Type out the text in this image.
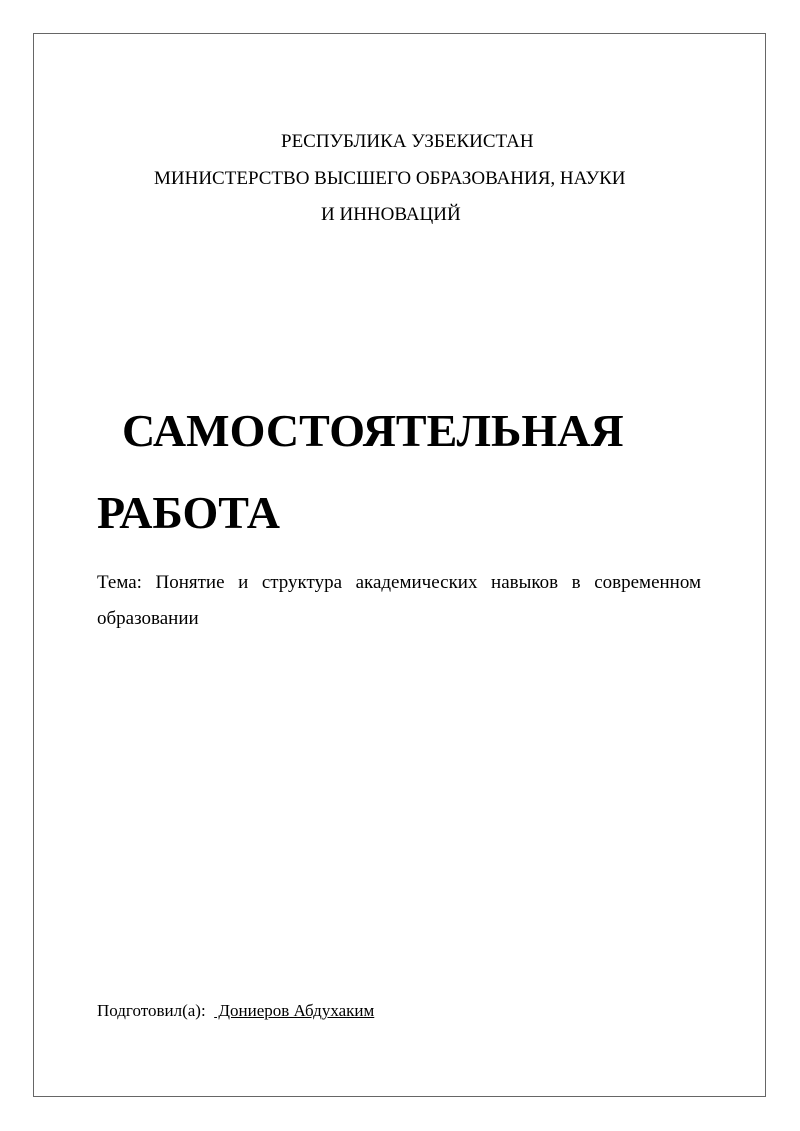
РЕСПУБЛИКА УЗБЕКИСТАН
МИНИСТЕРСТВО ВЫСШЕГО ОБРАЗОВАНИЯ, НАУКИ
И ИННОВАЦИЙ
САМОСТОЯТЕЛЬНАЯ
РАБОТА
Тема: Понятие и структура академических навыков в современном образовании
Подготовил(а):   Дониеров Абдухаким
